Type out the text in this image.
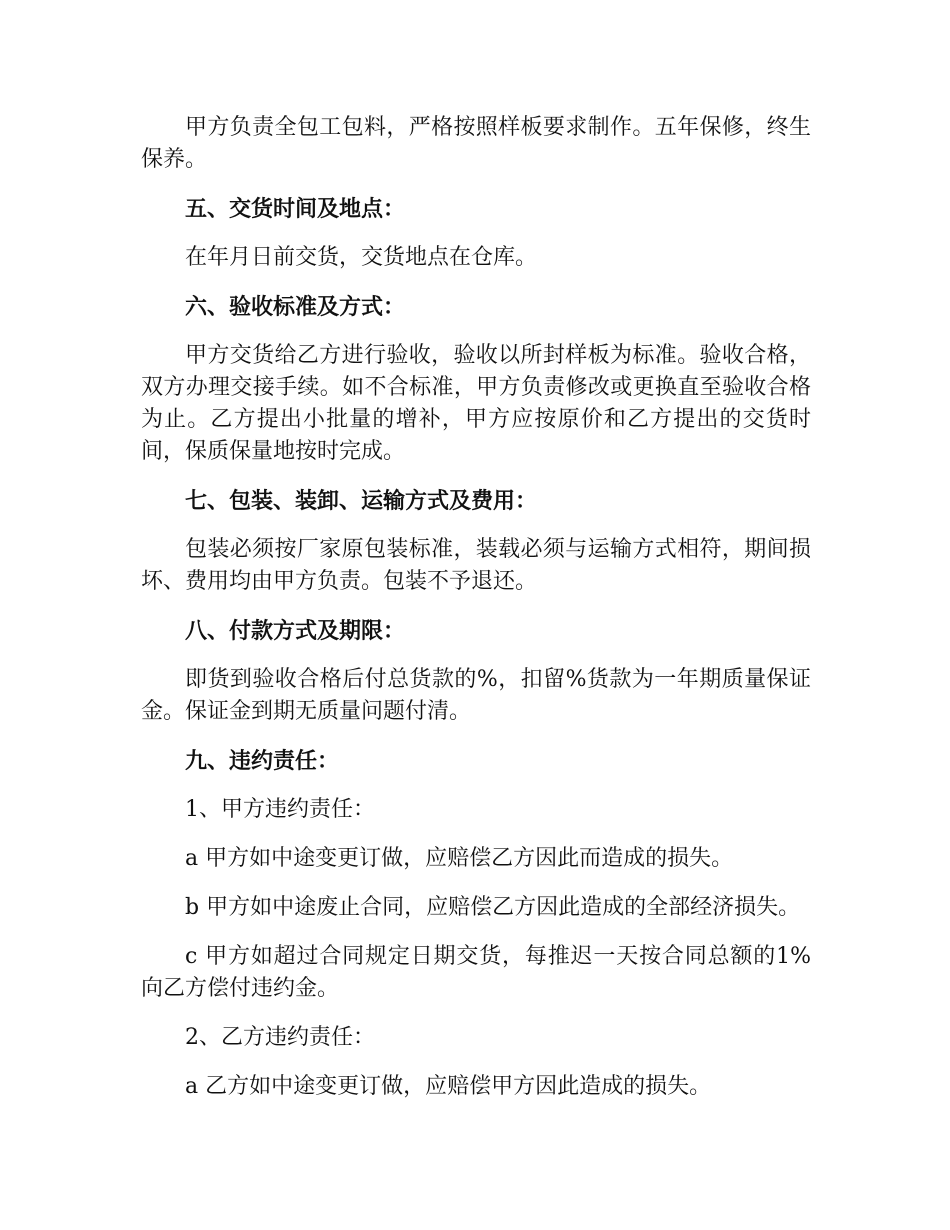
甲方负责全包工包料，严格按照样板要求制作。五年保修，终生保养。

五、交货时间及地点：

在年月日前交货，交货地点在仓库。

六、验收标准及方式：

甲方交货给乙方进行验收，验收以所封样板为标准。验收合格，双方办理交接手续。如不合标准，甲方负责修改或更换直至验收合格为止。乙方提出小批量的增补，甲方应按原价和乙方提出的交货时间，保质保量地按时完成。

七、包装、装卸、运输方式及费用：

包装必须按厂家原包装标准，装载必须与运输方式相符，期间损坏、费用均由甲方负责。包装不予退还。

八、付款方式及期限：

即货到验收合格后付总货款的%，扣留%货款为一年期质量保证金。保证金到期无质量问题付清。

九、违约责任：

1、甲方违约责任：

a 甲方如中途变更订做，应赔偿乙方因此而造成的损失。

b 甲方如中途废止合同，应赔偿乙方因此造成的全部经济损失。

c 甲方如超过合同规定日期交货，每推迟一天按合同总额的1%向乙方偿付违约金。

2、乙方违约责任：

a 乙方如中途变更订做，应赔偿甲方因此造成的损失。
